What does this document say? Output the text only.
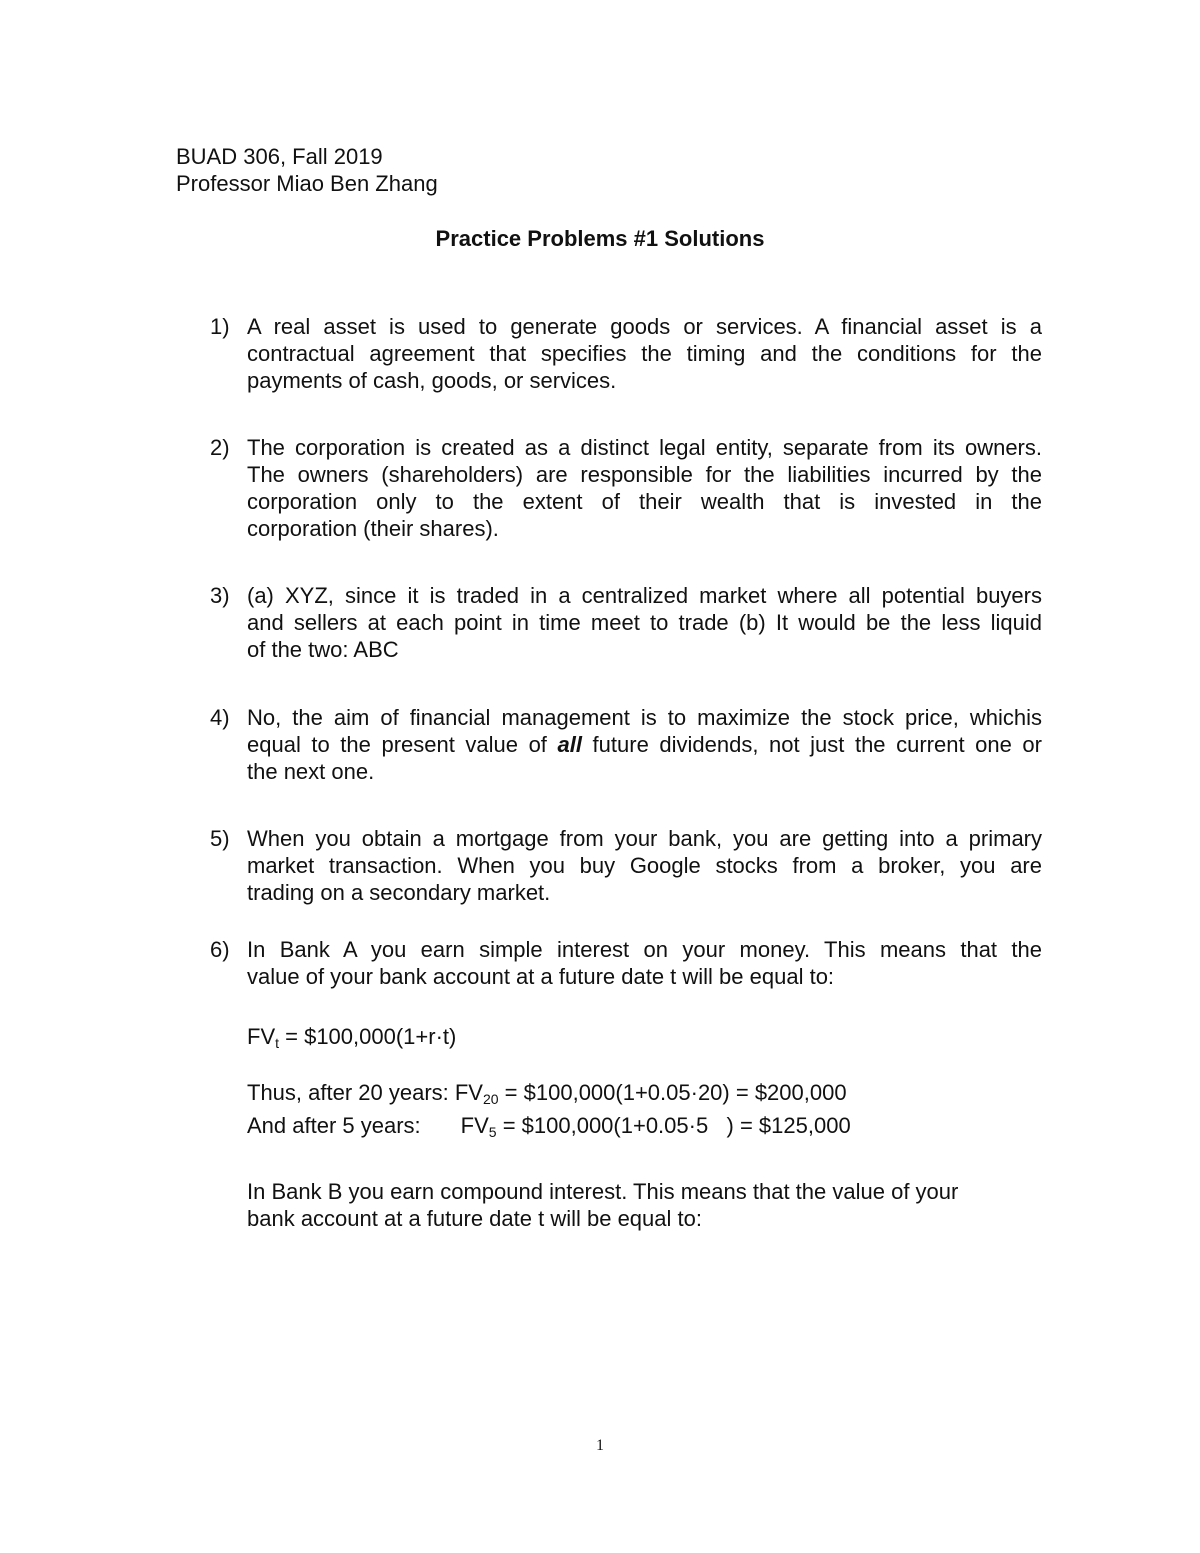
BUAD 306, Fall 2019
Professor Miao Ben Zhang
Practice Problems #1 Solutions
1) A real asset is used to generate goods or services. A financial asset is a
contractual agreement that specifies the timing and the conditions for the
payments of cash, goods, or services.
2) The corporation is created as a distinct legal entity, separate from its owners.
The owners (shareholders) are responsible for the liabilities incurred by the
corporation only to the extent of their wealth that is invested in the
corporation (their shares).
3) (a) XYZ, since it is traded in a centralized market where all potential buyers
and sellers at each point in time meet to trade (b) It would be the less liquid
of the two: ABC
4) No, the aim of financial management is to maximize the stock price, whichis
equal to the present value of all future dividends, not just the current one or
the next one.
5) When you obtain a mortgage from your bank, you are getting into a primary
market transaction. When you buy Google stocks from a broker, you are
trading on a secondary market.
6) In Bank A you earn simple interest on your money. This means that the
value of your bank account at a future date t will be equal to:
$FV_t$ = $100,000(1+r·t)
Thus, after 20 years: $FV_{20}$ = $100,000(1+0.05·20) = $200,000
And after 5 years: $FV_5$ = $100,000(1+0.05·5   ) = $125,000
In Bank B you earn compound interest. This means that the value of your
bank account at a future date t will be equal to:
1
